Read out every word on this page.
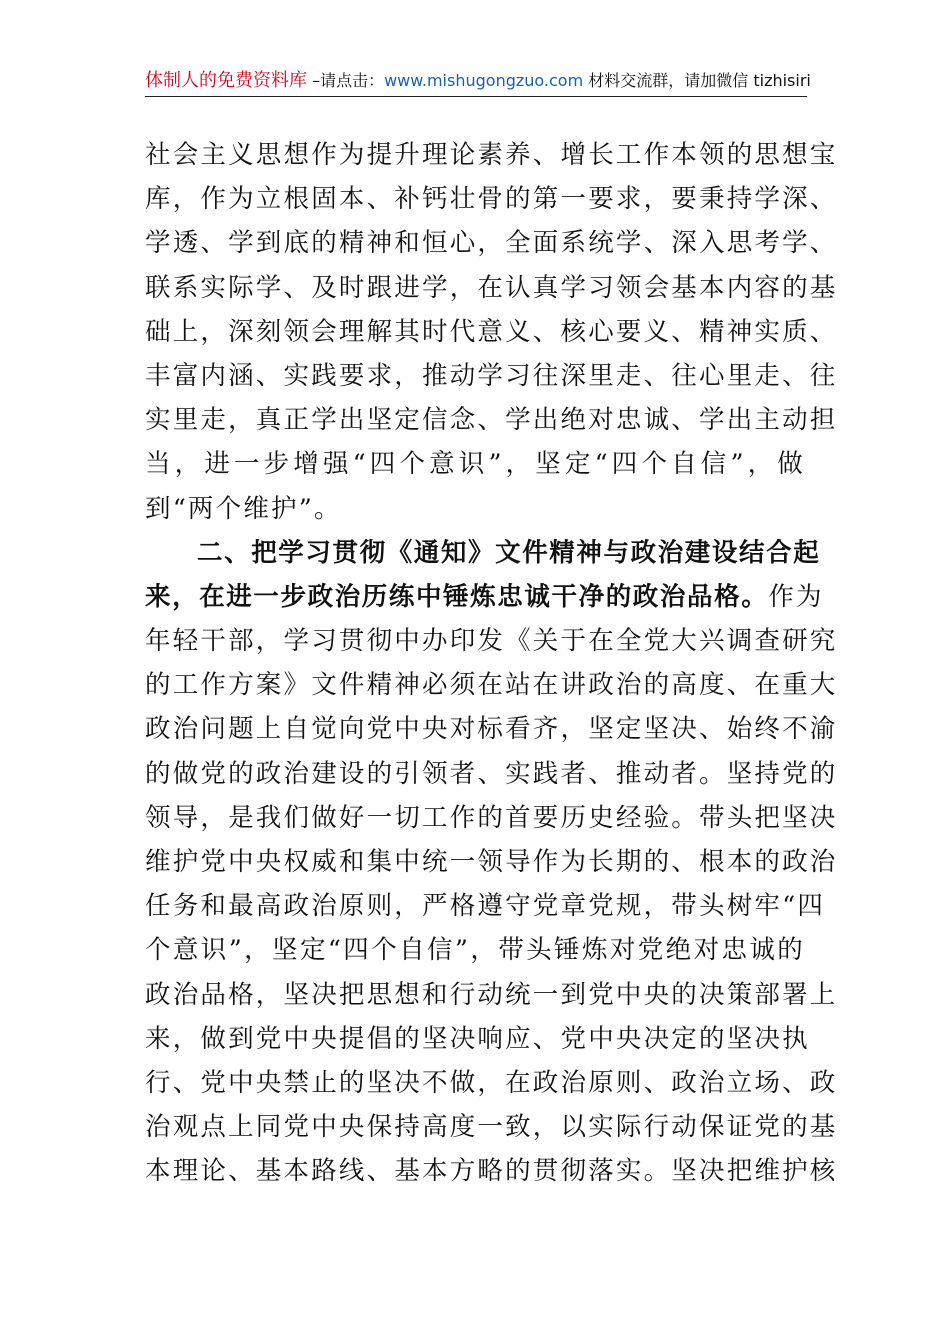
体制人的免费资料库 –请点击：www.mishugongzuo.com 材料交流群，请加微信 tizhisiri
社会主义思想作为提升理论素养、增长工作本领的思想宝
库，作为立根固本、补钙壮骨的第一要求，要秉持学深、
学透、学到底的精神和恒心，全面系统学、深入思考学、
联系实际学、及时跟进学，在认真学习领会基本内容的基
础上，深刻领会理解其时代意义、核心要义、精神实质、
丰富内涵、实践要求，推动学习往深里走、往心里走、往
实里走，真正学出坚定信念、学出绝对忠诚、学出主动担
当，进一步增强“四个意识”，坚定“四个自信”，做
到“两个维护”。
二、把学习贯彻《通知》文件精神与政治建设结合起
来，在进一步政治历练中锤炼忠诚干净的政治品格。作为
年轻干部，学习贯彻中办印发《关于在全党大兴调查研究
的工作方案》文件精神必须在站在讲政治的高度、在重大
政治问题上自觉向党中央对标看齐，坚定坚决、始终不渝
的做党的政治建设的引领者、实践者、推动者。坚持党的
领导，是我们做好一切工作的首要历史经验。带头把坚决
维护党中央权威和集中统一领导作为长期的、根本的政治
任务和最高政治原则，严格遵守党章党规，带头树牢“四
个意识”，坚定“四个自信”，带头锤炼对党绝对忠诚的
政治品格，坚决把思想和行动统一到党中央的决策部署上
来，做到党中央提倡的坚决响应、党中央决定的坚决执
行、党中央禁止的坚决不做，在政治原则、政治立场、政
治观点上同党中央保持高度一致，以实际行动保证党的基
本理论、基本路线、基本方略的贯彻落实。坚决把维护核
